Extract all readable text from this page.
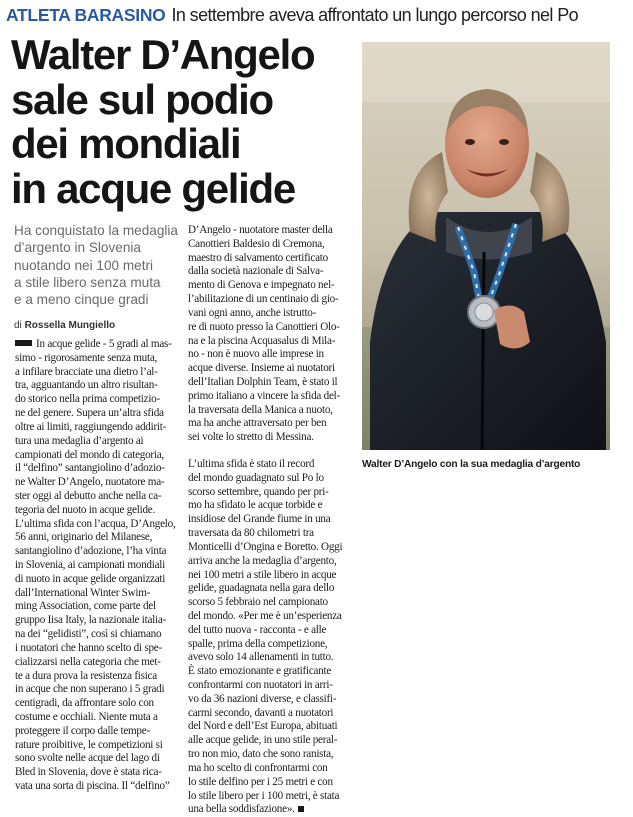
ATLETA BARASINO In settembre aveva affrontato un lungo percorso nel Po
Walter D’Angelo
sale sul podio
dei mondiali
in acque gelide
Ha conquistato la medaglia
d’argento in Slovenia
nuotando nei 100 metri
a stile libero senza muta
e a meno cinque gradi
di Rossella Mungiello
In acque gelide - 5 gradi al mas-
simo - rigorosamente senza muta,
a infilare bracciate una dietro l’al-
tra, agguantando un altro risultan-
do storico nella prima competizio-
ne del genere. Supera un’altra sfida
oltre ai limiti, raggiungendo addirit-
tura una medaglia d’argento ai
campionati del mondo di categoria,
il “delfino” santangiolino d’adozio-
ne Walter D’Angelo, nuotatore ma-
ster oggi al debutto anche nella ca-
tegoria del nuoto in acque gelide.
L’ultima sfida con l’acqua, D’Angelo,
56 anni, originario del Milanese,
santangiolino d’adozione, l’ha vinta
in Slovenia, ai campionati mondiali
di nuoto in acque gelide organizzati
dall’International Winter Swim-
ming Association, come parte del
gruppo Iisa Italy, la nazionale italia-
na dei “gelidisti”, così si chiamano
i nuotatori che hanno scelto di spe-
cializzarsi nella categoria che met-
te a dura prova la resistenza fisica
in acque che non superano i 5 gradi
centigradi, da affrontare solo con
costume e occhiali. Niente muta a
proteggere il corpo dalle tempe-
rature proibitive, le competizioni si
sono svolte nelle acque del lago di
Bled in Slovenia, dove è stata rica-
vata una sorta di piscina. Il “delfino”
D’Angelo - nuotatore master della
Canottieri Baldesio di Cremona,
maestro di salvamento certificato
dalla società nazionale di Salva-
mento di Genova e impegnato nel-
l’abilitazione di un centinaio di gio-
vani ogni anno, anche istrutto-
re di nuoto presso la Canottieri Olo-
na e la piscina Acquasalus di Mila-
no - non è nuovo alle imprese in
acque diverse. Insieme ai nuotatori
dell’Italian Dolphin Team, è stato il
primo italiano a vincere la sfida del-
la traversata della Manica a nuoto,
ma ha anche attraversato per ben
sei volte lo stretto di Messina.
L’ultima sfida è stato il record
del mondo guadagnato sul Po lo
scorso settembre, quando per pri-
mo ha sfidato le acque torbide e
insidiose del Grande fiume in una
traversata da 80 chilometri tra
Monticelli d’Ongina e Boretto. Oggi
arriva anche la medaglia d’argento,
nei 100 metri a stile libero in acque
gelide, guadagnata nella gara dello
scorso 5 febbraio nel campionato
del mondo. «Per me è un’esperienza
del tutto nuova - racconta - e alle
spalle, prima della competizione,
avevo solo 14 allenamenti in tutto.
È stato emozionante e gratificante
confrontarmi con nuotatori in arri-
vo da 36 nazioni diverse, e classifi-
carmi secondo, davanti a nuotatori
del Nord e dell’Est Europa, abituati
alle acque gelide, in uno stile peral-
tro non mio, dato che sono ranista,
ma ho scelto di confrontarmi con
lo stile delfino per i 25 metri e con
lo stile libero per i 100 metri, è stata
una bella soddisfazione».
Walter D’Angelo con la sua medaglia d’argento
